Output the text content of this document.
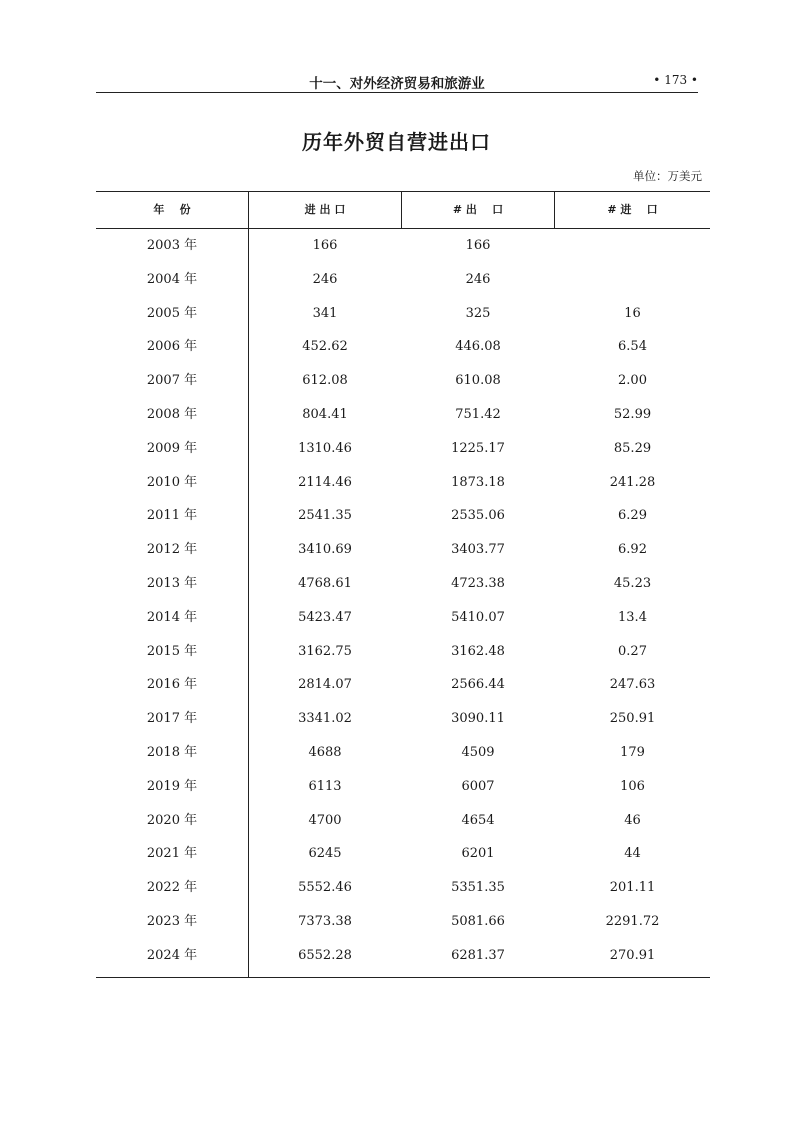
十一、对外经济贸易和旅游业	• 173 •
历年外贸自营进出口
单位：万美元
年    份	进 出 口	# 出    口	# 进    口
2003 年	166	166
2004 年	246	246
2005 年	341	325	16
2006 年	452.62	446.08	6.54
2007 年	612.08	610.08	2.00
2008 年	804.41	751.42	52.99
2009 年	1310.46	1225.17	85.29
2010 年	2114.46	1873.18	241.28
2011 年	2541.35	2535.06	6.29
2012 年	3410.69	3403.77	6.92
2013 年	4768.61	4723.38	45.23
2014 年	5423.47	5410.07	13.4
2015 年	3162.75	3162.48	0.27
2016 年	2814.07	2566.44	247.63
2017 年	3341.02	3090.11	250.91
2018 年	4688	4509	179
2019 年	6113	6007	106
2020 年	4700	4654	46
2021 年	6245	6201	44
2022 年	5552.46	5351.35	201.11
2023 年	7373.38	5081.66	2291.72
2024 年	6552.28	6281.37	270.91
